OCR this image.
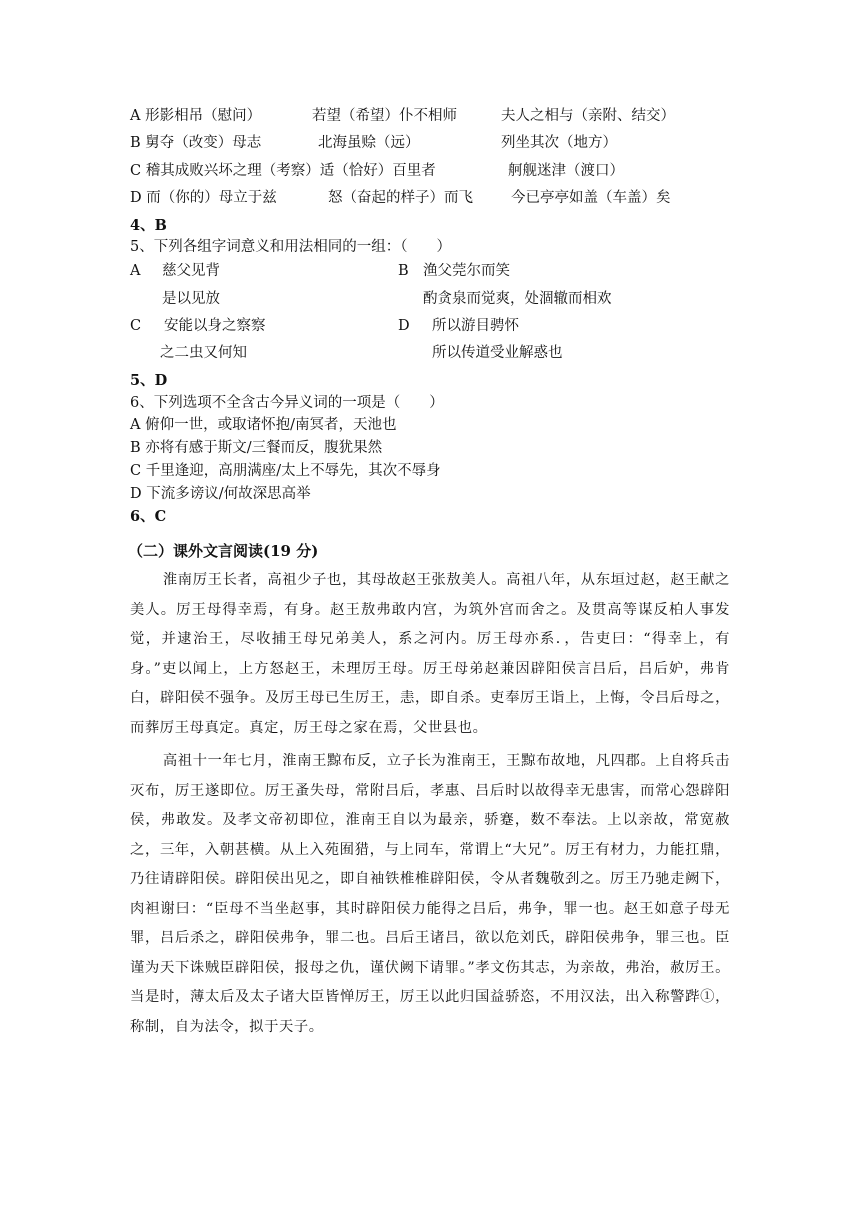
A 形影相吊（慰问）	若望（希望）仆不相师	夫人之相与（亲附、结交）
B 舅夺（改变）母志	北海虽赊（远）	列坐其次（地方）
C 稽其成败兴坏之理（考察）适（恰好）百里者	舸舰迷津（渡口）
D 而（你的）母立于兹	怒（奋起的样子）而飞	今已亭亭如盖（车盖）矣
4、B
5、下列各组字词意义和用法相同的一组：（　　）
A 慈父见背	B 渔父莞尔而笑
是以见放	酌贪泉而觉爽，处涸辙而相欢
C 安能以身之察察	D 所以游目骋怀
之二虫又何知	所以传道受业解惑也
5、D
6、下列选项不全含古今异义词的一项是（　　）
A 俯仰一世，或取诸怀抱/南冥者，天池也
B 亦将有感于斯文/三餐而反，腹犹果然
C 千里逢迎，高朋满座/太上不辱先，其次不辱身
D 下流多谤议/何故深思高举
6、C
（二）课外文言阅读(19 分)

淮南厉王长者，高祖少子也，其母故赵王张敖美人。高祖八年，从东垣过赵，赵王献之美人。厉王母得幸焉，有身。赵王敖弗敢内宫，为筑外宫而舍之。及贯高等谋反柏人事发觉，并逮治王，尽收捕王母兄弟美人，系之河内。厉王母亦系．，告吏曰：“得幸上，有身。”吏以闻上，上方怒赵王，未理厉王母。厉王母弟赵兼因辟阳侯言吕后，吕后妒，弗肯白，辟阳侯不强争。及厉王母已生厉王，恚，即自杀。吏奉厉王诣上，上悔，令吕后母之，而葬厉王母真定。真定，厉王母之家在焉，父世县也。

高祖十一年七月，淮南王黥布反，立子长为淮南王，王黥布故地，凡四郡。上自将兵击灭布，厉王遂即位。厉王蚤失母，常附吕后，孝惠、吕后时以故得幸无患害，而常心怨辟阳侯，弗敢发。及孝文帝初即位，淮南王自以为最亲，骄蹇，数不奉法。上以亲故，常宽赦之，三年，入朝甚横。从上入苑囿猎，与上同车，常谓上“大兄”。厉王有材力，力能扛鼎，乃往请辟阳侯。辟阳侯出见之，即自袖铁椎椎辟阳侯，令从者魏敬刭之。厉王乃驰走阙下，肉袒谢曰：“臣母不当坐赵事，其时辟阳侯力能得之吕后，弗争，罪一也。赵王如意子母无罪，吕后杀之，辟阳侯弗争，罪二也。吕后王诸吕，欲以危刘氏，辟阳侯弗争，罪三也。臣谨为天下诛贼臣辟阳侯，报母之仇，谨伏阙下请罪。”孝文伤其志，为亲故，弗治，赦厉王。当是时，薄太后及太子诸大臣皆惮厉王，厉王以此归国益骄恣，不用汉法，出入称警跸①，称制，自为法令，拟于天子。
